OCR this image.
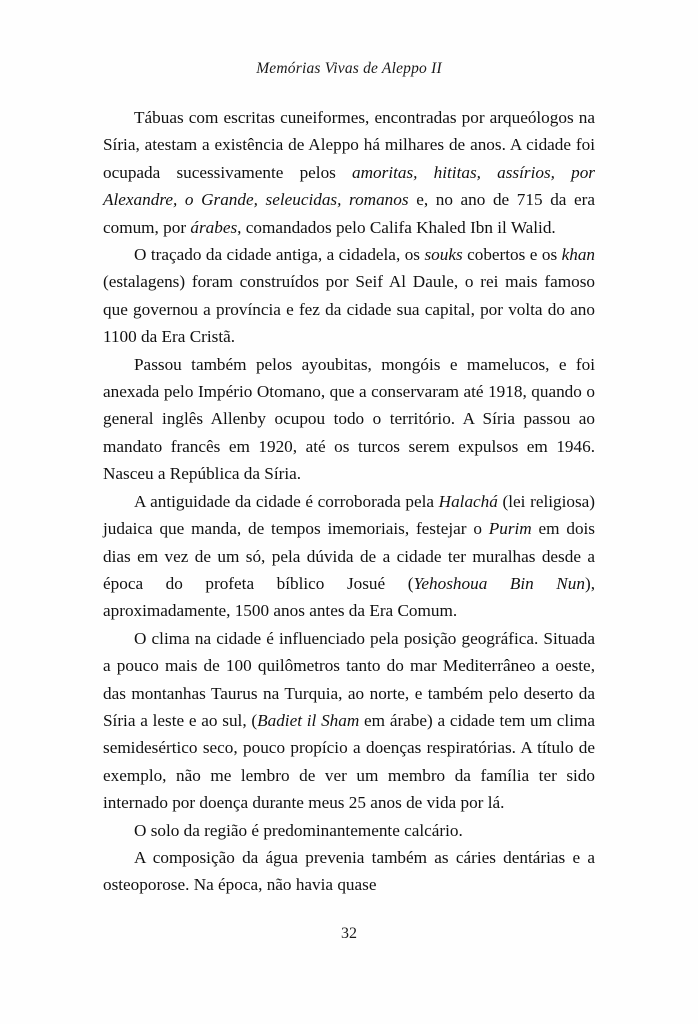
Memórias Vivas de Aleppo II

Tábuas com escritas cuneiformes, encontradas por arqueólogos na Síria, atestam a existência de Aleppo há milhares de anos. A cidade foi ocupada sucessivamente pelos amoritas, hititas, assírios, por Alexandre, o Grande, seleucidas, romanos e, no ano de 715 da era comum, por árabes, comandados pelo Califa Khaled Ibn il Walid.

O traçado da cidade antiga, a cidadela, os souks cobertos e os khan (estalagens) foram construídos por Seif Al Daule, o rei mais famoso que governou a província e fez da cidade sua capital, por volta do ano 1100 da Era Cristã.

Passou também pelos ayoubitas, mongóis e mamelucos, e foi anexada pelo Império Otomano, que a conservaram até 1918, quando o general inglês Allenby ocupou todo o território. A Síria passou ao mandato francês em 1920, até os turcos serem expulsos em 1946. Nasceu a República da Síria.

A antiguidade da cidade é corroborada pela Halachá (lei religiosa) judaica que manda, de tempos imemoriais, festejar o Purim em dois dias em vez de um só, pela dúvida de a cidade ter muralhas desde a época do profeta bíblico Josué (Yehoshoua Bin Nun), aproximadamente, 1500 anos antes da Era Comum.

O clima na cidade é influenciado pela posição geográfica. Situada a pouco mais de 100 quilômetros tanto do mar Mediterrâneo a oeste, das montanhas Taurus na Turquia, ao norte, e também pelo deserto da Síria a leste e ao sul, (Badiet il Sham em árabe) a cidade tem um clima semidesértico seco, pouco propício a doenças respiratórias. A título de exemplo, não me lembro de ver um membro da família ter sido internado por doença durante meus 25 anos de vida por lá.

O solo da região é predominantemente calcário.

A composição da água prevenia também as cáries dentárias e a osteoporose. Na época, não havia quase

32
